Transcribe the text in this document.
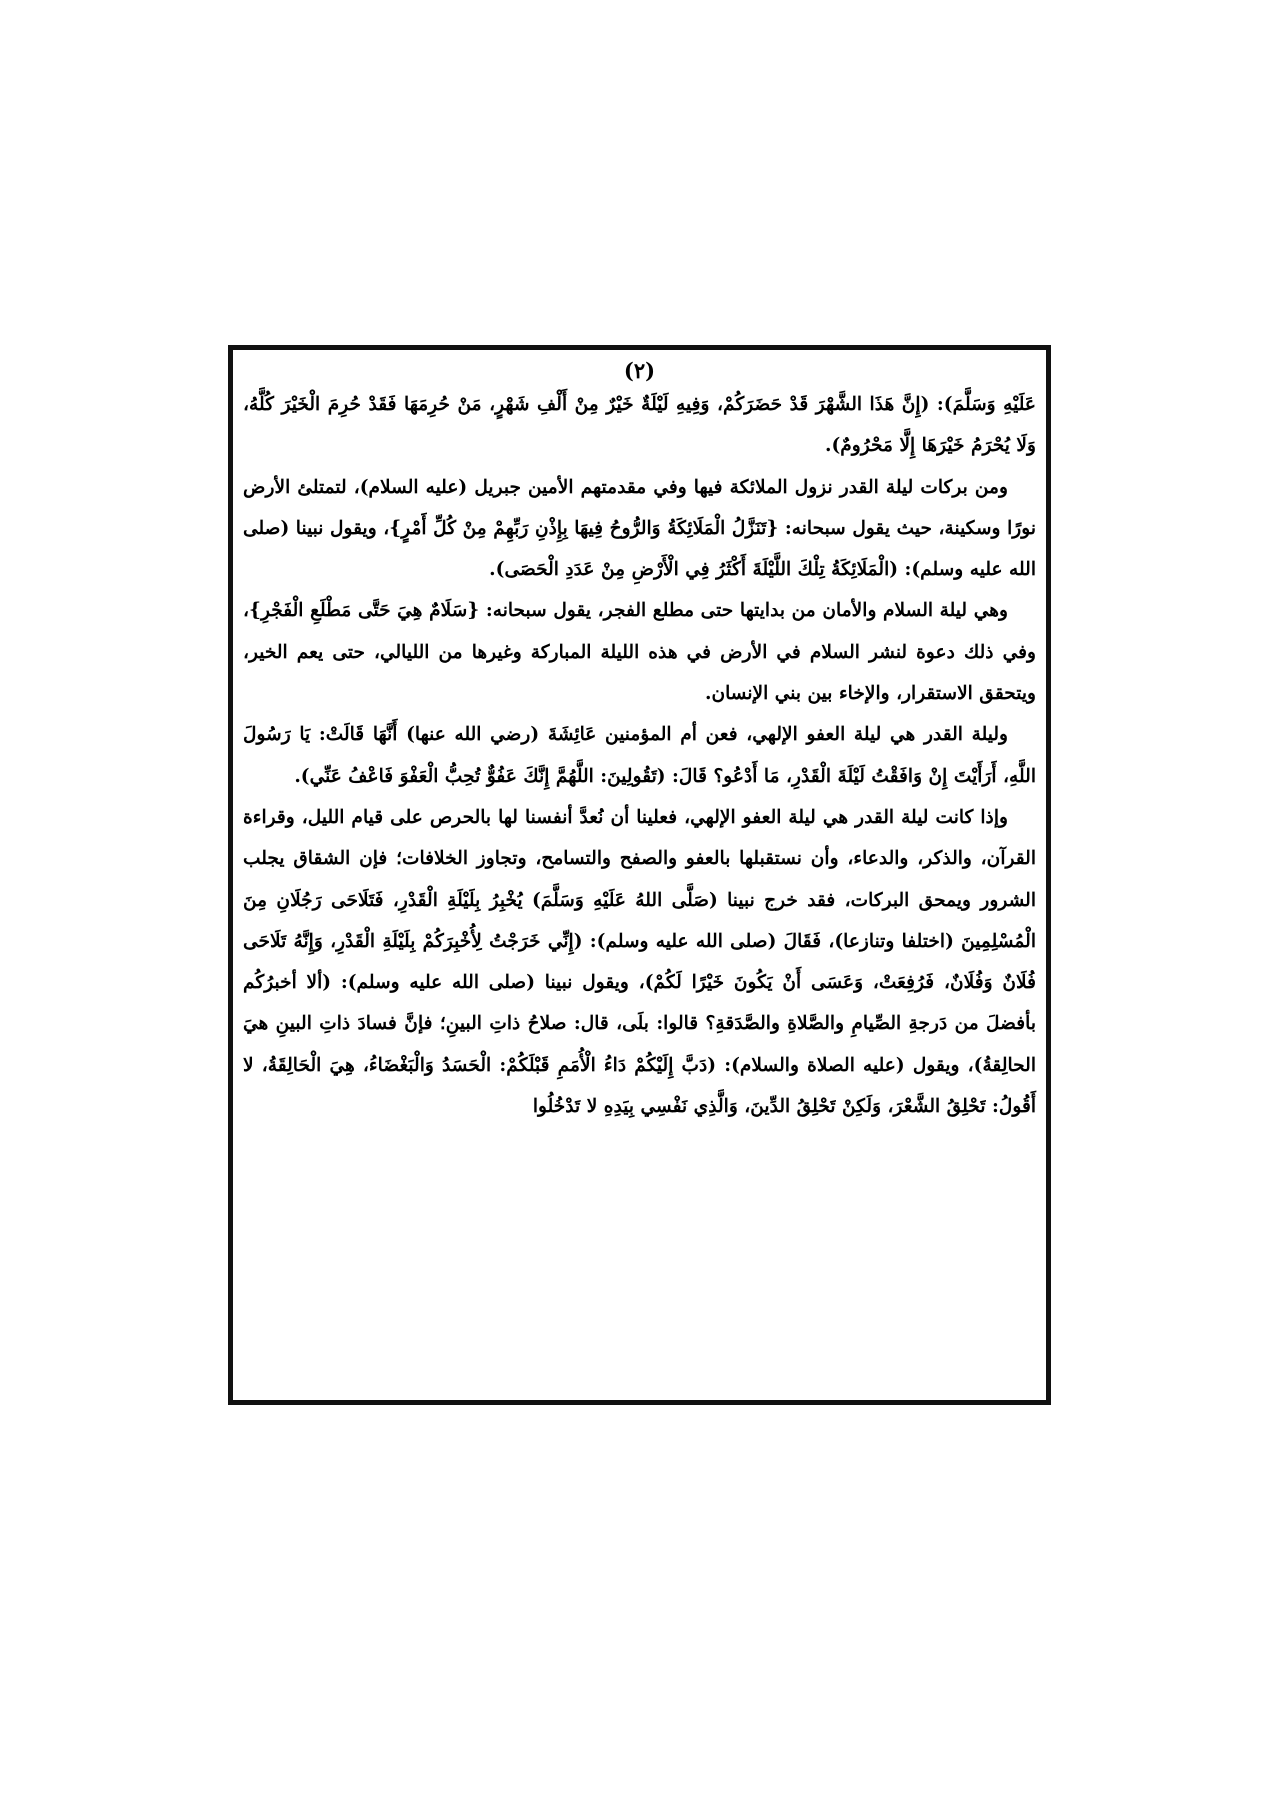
(٢)

عَلَيْهِ وَسَلَّمَ): (إِنَّ هَذَا الشَّهْرَ قَدْ حَضَرَكُمْ، وَفِيهِ لَيْلَةٌ خَيْرٌ مِنْ أَلْفِ شَهْرٍ، مَنْ حُرِمَهَا فَقَدْ حُرِمَ الْخَيْرَ كُلَّهُ، وَلَا يُحْرَمُ خَيْرَهَا إِلَّا مَحْرُومٌ).

ومن بركات ليلة القدر نزول الملائكة فيها وفي مقدمتهم الأمين جبريل (عليه السلام)، لتمتلئ الأرض نورًا وسكينة، حيث يقول سبحانه: {تَنَزَّلُ الْمَلَائِكَةُ وَالرُّوحُ فِيهَا بِإِذْنِ رَبِّهِمْ مِنْ كُلِّ أَمْرٍ}، ويقول نبينا (صلى الله عليه وسلم): (الْمَلَائِكَةُ تِلْكَ اللَّيْلَةَ أَكْثَرُ فِي الْأَرْضِ مِنْ عَدَدِ الْحَصَى).

وهي ليلة السلام والأمان من بدايتها حتى مطلع الفجر، يقول سبحانه: {سَلَامٌ هِيَ حَتَّى مَطْلَعِ الْفَجْرِ}، وفي ذلك دعوة لنشر السلام في الأرض في هذه الليلة المباركة وغيرها من الليالي، حتى يعم الخير، ويتحقق الاستقرار، والإخاء بين بني الإنسان.

وليلة القدر هي ليلة العفو الإلهي، فعن أم المؤمنين عَائِشَةَ (رضي الله عنها) أَنَّهَا قَالَتْ: يَا رَسُولَ اللَّهِ، أَرَأَيْتَ إِنْ وَافَقْتُ لَيْلَةَ الْقَدْرِ، مَا أَدْعُو؟ قَالَ: (تَقُولِينَ: اللَّهُمَّ إِنَّكَ عَفُوٌّ تُحِبُّ الْعَفْوَ فَاعْفُ عَنِّي).

وإذا كانت ليلة القدر هي ليلة العفو الإلهي، فعلينا أن نُعدَّ أنفسنا لها بالحرص على قيام الليل، وقراءة القرآن، والذكر، والدعاء، وأن نستقبلها بالعفو والصفح والتسامح، وتجاوز الخلافات؛ فإن الشقاق يجلب الشرور ويمحق البركات، فقد خرج نبينا (صَلَّى اللهُ عَلَيْهِ وَسَلَّمَ) يُخْبِرُ بِلَيْلَةِ الْقَدْرِ، فَتَلَاحَى رَجُلَانِ مِنَ الْمُسْلِمِينَ (اختلفا وتنازعا)، فَقَالَ (صلى الله عليه وسلم): (إِنِّي خَرَجْتُ لِأُخْبِرَكُمْ بِلَيْلَةِ الْقَدْرِ، وَإِنَّهُ تَلَاحَى فُلَانٌ وَفُلَانٌ، فَرُفِعَتْ، وَعَسَى أَنْ يَكُونَ خَيْرًا لَكُمْ)، ويقول نبينا (صلى الله عليه وسلم): (ألا أخبرُكُم بأفضلَ من دَرجةِ الصِّيامِ والصَّلاةِ والصَّدَقةِ؟ قالوا: بلَى، قال: صلاحُ ذاتِ البينِ؛ فإنَّ فسادَ ذاتِ البينِ هيَ الحالِقةُ)، ويقول (عليه الصلاة والسلام): (دَبَّ إِلَيْكُمْ دَاءُ الْأُمَمِ قَبْلَكُمْ: الْحَسَدُ وَالْبَغْضَاءُ، هِيَ الْحَالِقَةُ، لا أَقُولُ: تَحْلِقُ الشَّعْرَ، وَلَكِنْ تَحْلِقُ الدِّينَ، وَالَّذِي نَفْسِي بِيَدِهِ لا تَدْخُلُوا
